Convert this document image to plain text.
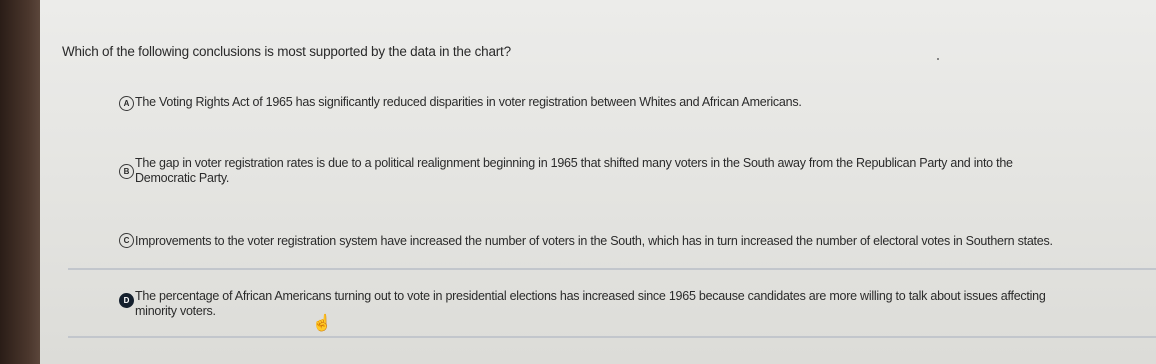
Which of the following conclusions is most supported by the data in the chart?
A The Voting Rights Act of 1965 has significantly reduced disparities in voter registration between Whites and African Americans.
B
The gap in voter registration rates is due to a political realignment beginning in 1965 that shifted many voters in the South away from the Republican Party and into the
Democratic Party.
C Improvements to the voter registration system have increased the number of voters in the South, which has in turn increased the number of electoral votes in Southern states.
D The percentage of African Americans turning out to vote in presidential elections has increased since 1965 because candidates are more willing to talk about issues affecting
minority voters.
☝
